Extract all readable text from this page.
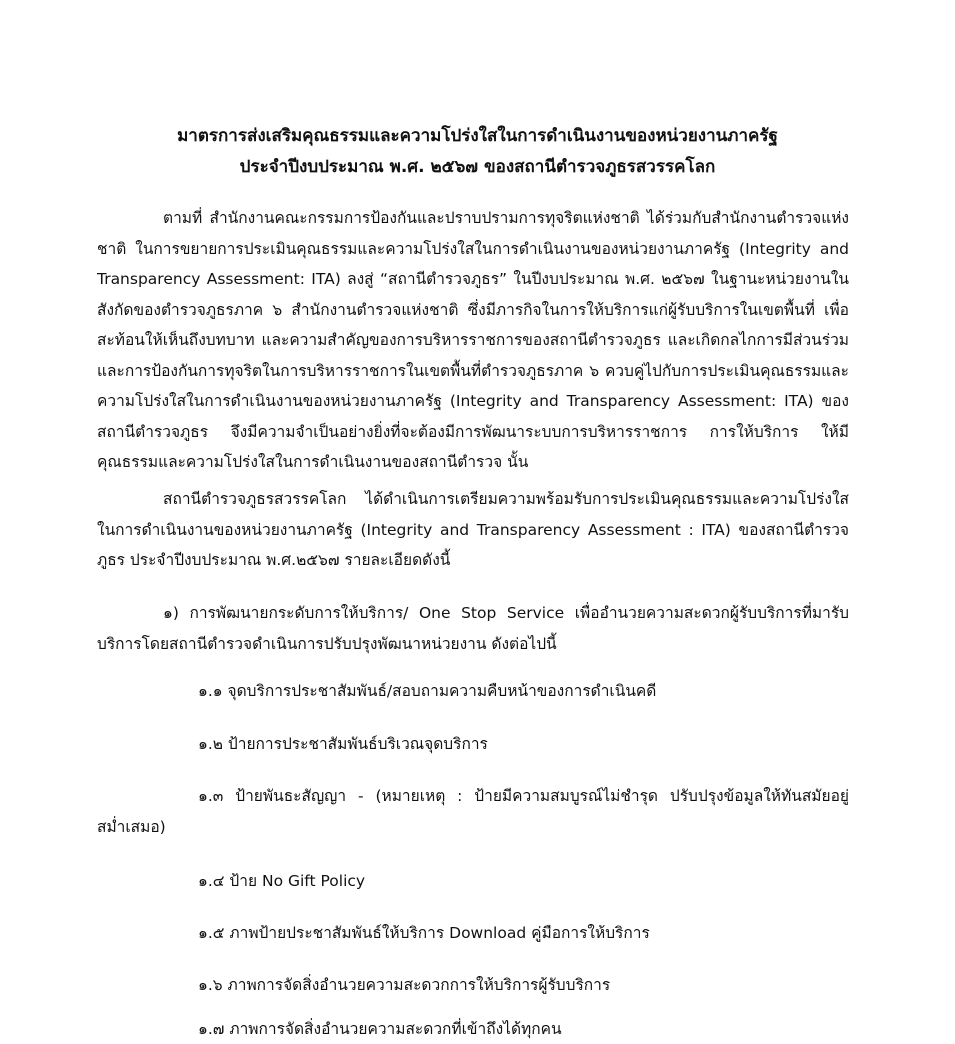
มาตรการส่งเสริมคุณธรรมและความโปร่งใสในการดำเนินงานของหน่วยงานภาครัฐ
ประจำปีงบประมาณ พ.ศ. ๒๕๖๗ ของสถานีตำรวจภูธรสวรรคโลก

ตามที่ สำนักงานคณะกรรมการป้องกันและปราบปรามการทุจริตแห่งชาติ ได้ร่วมกับสำนักงานตำรวจแห่งชาติ ในการขยายการประเมินคุณธรรมและความโปร่งใสในการดำเนินงานของหน่วยงานภาครัฐ (Integrity and Transparency Assessment: ITA) ลงสู่ “สถานีตำรวจภูธร” ในปีงบประมาณ พ.ศ. ๒๕๖๗ ในฐานะหน่วยงานในสังกัดของตำรวจภูธรภาค ๖ สำนักงานตำรวจแห่งชาติ ซึ่งมีภารกิจในการให้บริการแก่ผู้รับบริการในเขตพื้นที่ เพื่อสะท้อนให้เห็นถึงบทบาท และความสำคัญของการบริหารราชการของสถานีตำรวจภูธร และเกิดกลไกการมีส่วนร่วมและการป้องกันการทุจริตในการบริหารราชการในเขตพื้นที่ตำรวจภูธรภาค ๖ ควบคู่ไปกับการประเมินคุณธรรมและความโปร่งใสในการดำเนินงานของหน่วยงานภาครัฐ (Integrity and Transparency Assessment: ITA) ของสถานีตำรวจภูธร จึงมีความจำเป็นอย่างยิ่งที่จะต้องมีการพัฒนาระบบการบริหารราชการ การให้บริการ ให้มีคุณธรรมและความโปร่งใสในการดำเนินงานของสถานีตำรวจ นั้น

สถานีตำรวจภูธรสวรรคโลก ได้ดำเนินการเตรียมความพร้อมรับการประเมินคุณธรรมและความโปร่งใส ในการดำเนินงานของหน่วยงานภาครัฐ (Integrity and Transparency Assessment : ITA) ของสถานีตำรวจภูธร ประจำปีงบประมาณ พ.ศ.๒๕๖๗ รายละเอียดดังนี้

๑) การพัฒนายกระดับการให้บริการ/ One Stop Service เพื่ออำนวยความสะดวกผู้รับบริการที่มารับบริการโดยสถานีตำรวจดำเนินการปรับปรุงพัฒนาหน่วยงาน ดังต่อไปนี้

๑.๑ จุดบริการประชาสัมพันธ์/สอบถามความคืบหน้าของการดำเนินคดี
๑.๒ ป้ายการประชาสัมพันธ์บริเวณจุดบริการ

๑.๓ ป้ายพันธะสัญญา - (หมายเหตุ : ป้ายมีความสมบูรณ์ไม่ชำรุด ปรับปรุงข้อมูลให้ทันสมัยอยู่สม่ำเสมอ)

๑.๔ ป้าย No Gift Policy
๑.๕ ภาพป้ายประชาสัมพันธ์ให้บริการ Download คู่มือการให้บริการ
๑.๖ ภาพการจัดสิ่งอำนวยความสะดวกการให้บริการผู้รับบริการ
๑.๗ ภาพการจัดสิ่งอำนวยความสะดวกที่เข้าถึงได้ทุกคน
